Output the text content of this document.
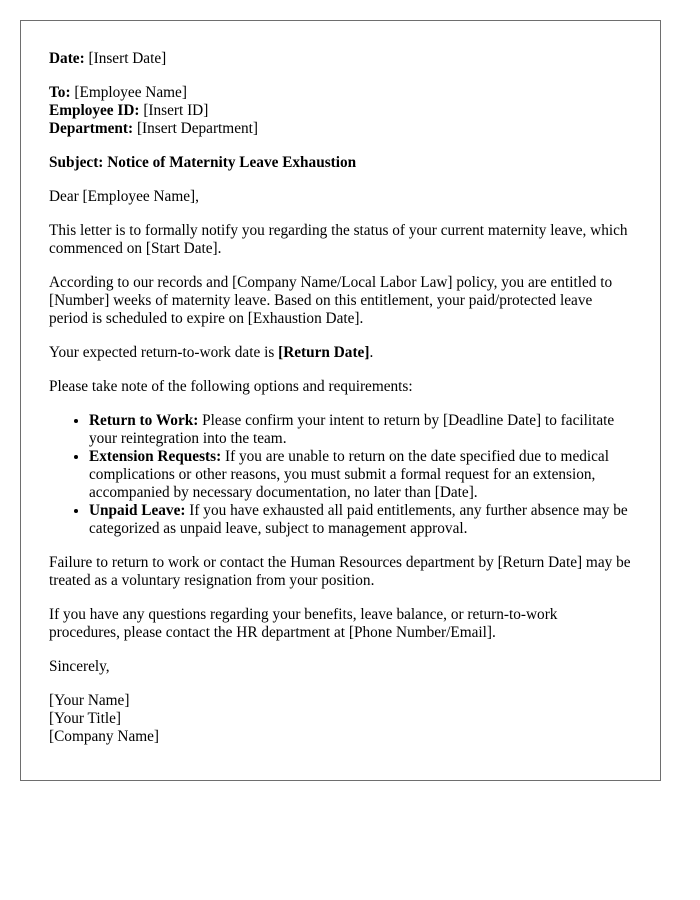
Date: [Insert Date]

To: [Employee Name]
Employee ID: [Insert ID]
Department: [Insert Department]

Subject: Notice of Maternity Leave Exhaustion

Dear [Employee Name],

This letter is to formally notify you regarding the status of your current maternity leave, which commenced on [Start Date].

According to our records and [Company Name/Local Labor Law] policy, you are entitled to [Number] weeks of maternity leave. Based on this entitlement, your paid/protected leave period is scheduled to expire on [Exhaustion Date].

Your expected return-to-work date is [Return Date].

Please take note of the following options and requirements:

• Return to Work: Please confirm your intent to return by [Deadline Date] to facilitate your reintegration into the team.
• Extension Requests: If you are unable to return on the date specified due to medical complications or other reasons, you must submit a formal request for an extension, accompanied by necessary documentation, no later than [Date].
• Unpaid Leave: If you have exhausted all paid entitlements, any further absence may be categorized as unpaid leave, subject to management approval.

Failure to return to work or contact the Human Resources department by [Return Date] may be treated as a voluntary resignation from your position.

If you have any questions regarding your benefits, leave balance, or return-to-work procedures, please contact the HR department at [Phone Number/Email].

Sincerely,

[Your Name]
[Your Title]
[Company Name]
